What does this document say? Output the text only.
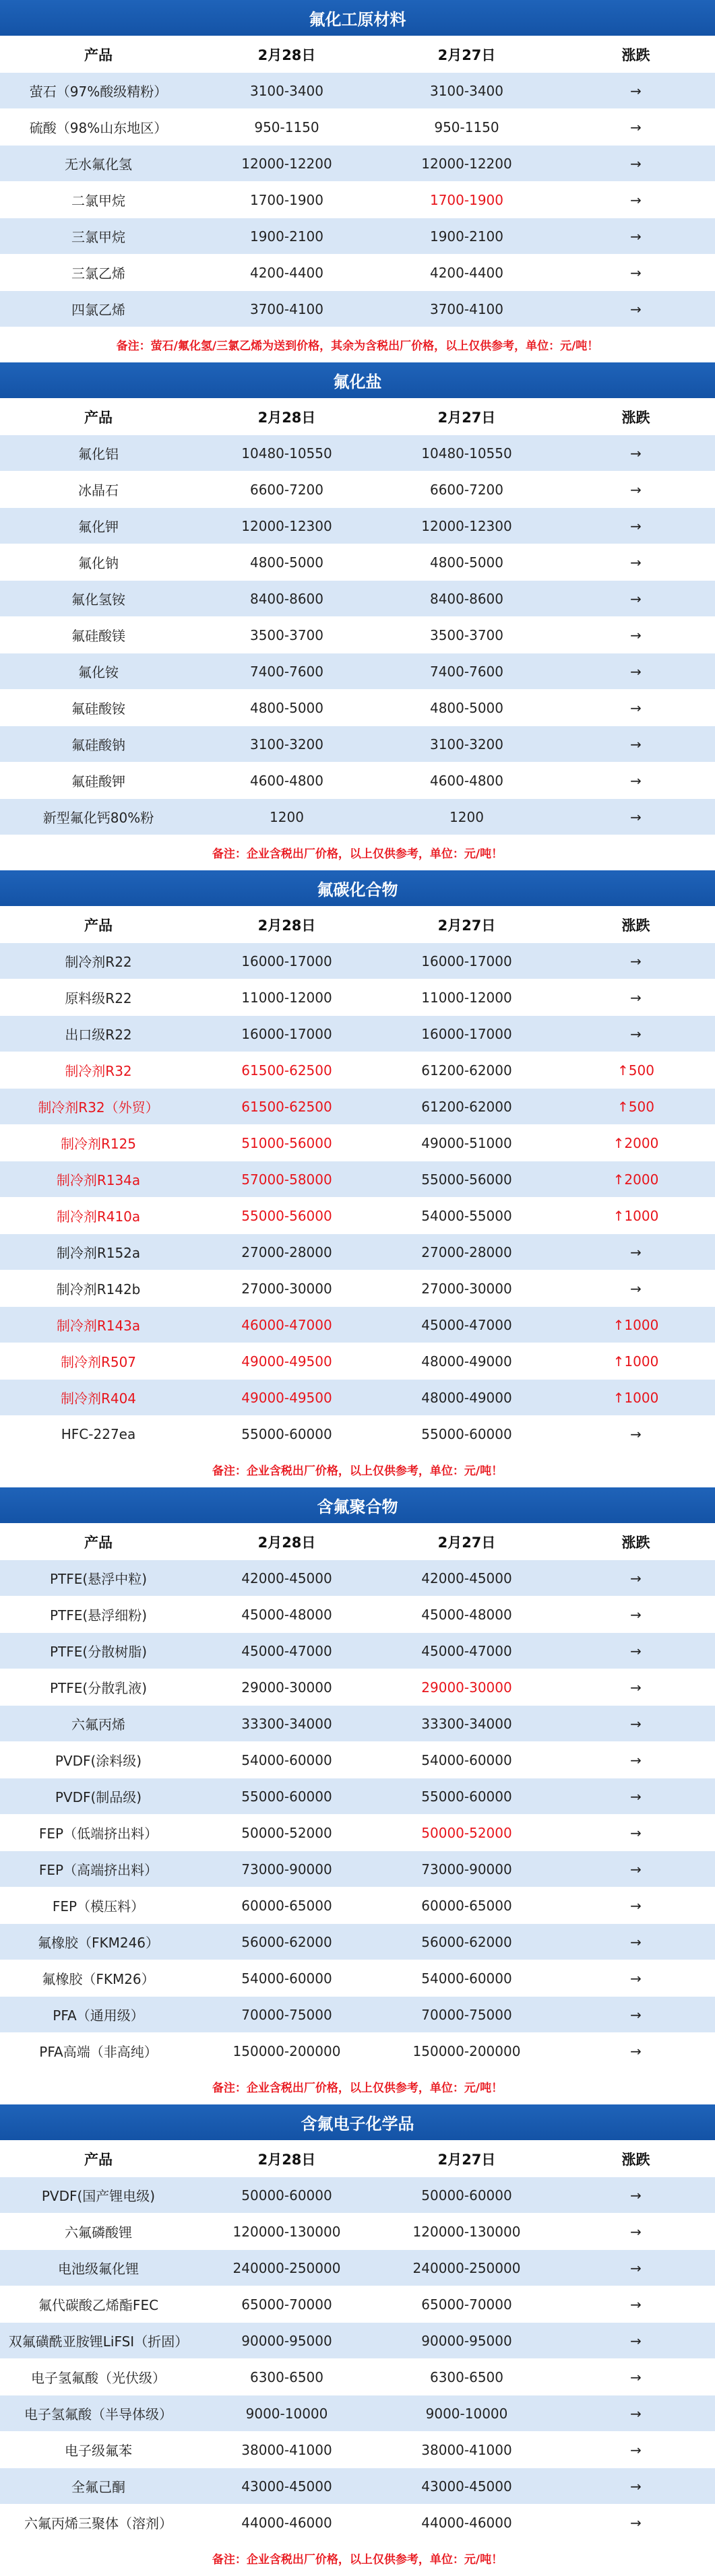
氟化工原材料
产品	2月28日	2月27日	涨跌
萤石（97%酸级精粉）	3100-3400	3100-3400	→
硫酸（98%山东地区）	950-1150	950-1150	→
无水氟化氢	12000-12200	12000-12200	→
二氯甲烷	1700-1900	1700-1900	→
三氯甲烷	1900-2100	1900-2100	→
三氯乙烯	4200-4400	4200-4400	→
四氯乙烯	3700-4100	3700-4100	→
备注：萤石/氟化氢/三氯乙烯为送到价格，其余为含税出厂价格，以上仅供参考，单位：元/吨！
氟化盐
产品	2月28日	2月27日	涨跌
氟化铝	10480-10550	10480-10550	→
冰晶石	6600-7200	6600-7200	→
氟化钾	12000-12300	12000-12300	→
氟化钠	4800-5000	4800-5000	→
氟化氢铵	8400-8600	8400-8600	→
氟硅酸镁	3500-3700	3500-3700	→
氟化铵	7400-7600	7400-7600	→
氟硅酸铵	4800-5000	4800-5000	→
氟硅酸钠	3100-3200	3100-3200	→
氟硅酸钾	4600-4800	4600-4800	→
新型氟化钙80%粉	1200	1200	→
备注：企业含税出厂价格，以上仅供参考，单位：元/吨！
氟碳化合物
产品	2月28日	2月27日	涨跌
制冷剂R22	16000-17000	16000-17000	→
原料级R22	11000-12000	11000-12000	→
出口级R22	16000-17000	16000-17000	→
制冷剂R32	61500-62500	61200-62000	↑500
制冷剂R32（外贸）	61500-62500	61200-62000	↑500
制冷剂R125	51000-56000	49000-51000	↑2000
制冷剂R134a	57000-58000	55000-56000	↑2000
制冷剂R410a	55000-56000	54000-55000	↑1000
制冷剂R152a	27000-28000	27000-28000	→
制冷剂R142b	27000-30000	27000-30000	→
制冷剂R143a	46000-47000	45000-47000	↑1000
制冷剂R507	49000-49500	48000-49000	↑1000
制冷剂R404	49000-49500	48000-49000	↑1000
HFC-227ea	55000-60000	55000-60000	→
备注：企业含税出厂价格，以上仅供参考，单位：元/吨！
含氟聚合物
产品	2月28日	2月27日	涨跌
PTFE(悬浮中粒)	42000-45000	42000-45000	→
PTFE(悬浮细粉)	45000-48000	45000-48000	→
PTFE(分散树脂)	45000-47000	45000-47000	→
PTFE(分散乳液)	29000-30000	29000-30000	→
六氟丙烯	33300-34000	33300-34000	→
PVDF(涂料级)	54000-60000	54000-60000	→
PVDF(制品级)	55000-60000	55000-60000	→
FEP（低端挤出料）	50000-52000	50000-52000	→
FEP（高端挤出料）	73000-90000	73000-90000	→
FEP（模压料）	60000-65000	60000-65000	→
氟橡胶（FKM246）	56000-62000	56000-62000	→
氟橡胶（FKM26）	54000-60000	54000-60000	→
PFA（通用级）	70000-75000	70000-75000	→
PFA高端（非高纯）	150000-200000	150000-200000	→
备注：企业含税出厂价格，以上仅供参考，单位：元/吨！
含氟电子化学品
产品	2月28日	2月27日	涨跌
PVDF(国产锂电级)	50000-60000	50000-60000	→
六氟磷酸锂	120000-130000	120000-130000	→
电池级氟化锂	240000-250000	240000-250000	→
氟代碳酸乙烯酯FEC	65000-70000	65000-70000	→
双氟磺酰亚胺锂LiFSI（折固）	90000-95000	90000-95000	→
电子氢氟酸（光伏级）	6300-6500	6300-6500	→
电子氢氟酸（半导体级）	9000-10000	9000-10000	→
电子级氟苯	38000-41000	38000-41000	→
全氟己酮	43000-45000	43000-45000	→
六氟丙烯三聚体（溶剂）	44000-46000	44000-46000	→
备注：企业含税出厂价格，以上仅供参考，单位：元/吨！
